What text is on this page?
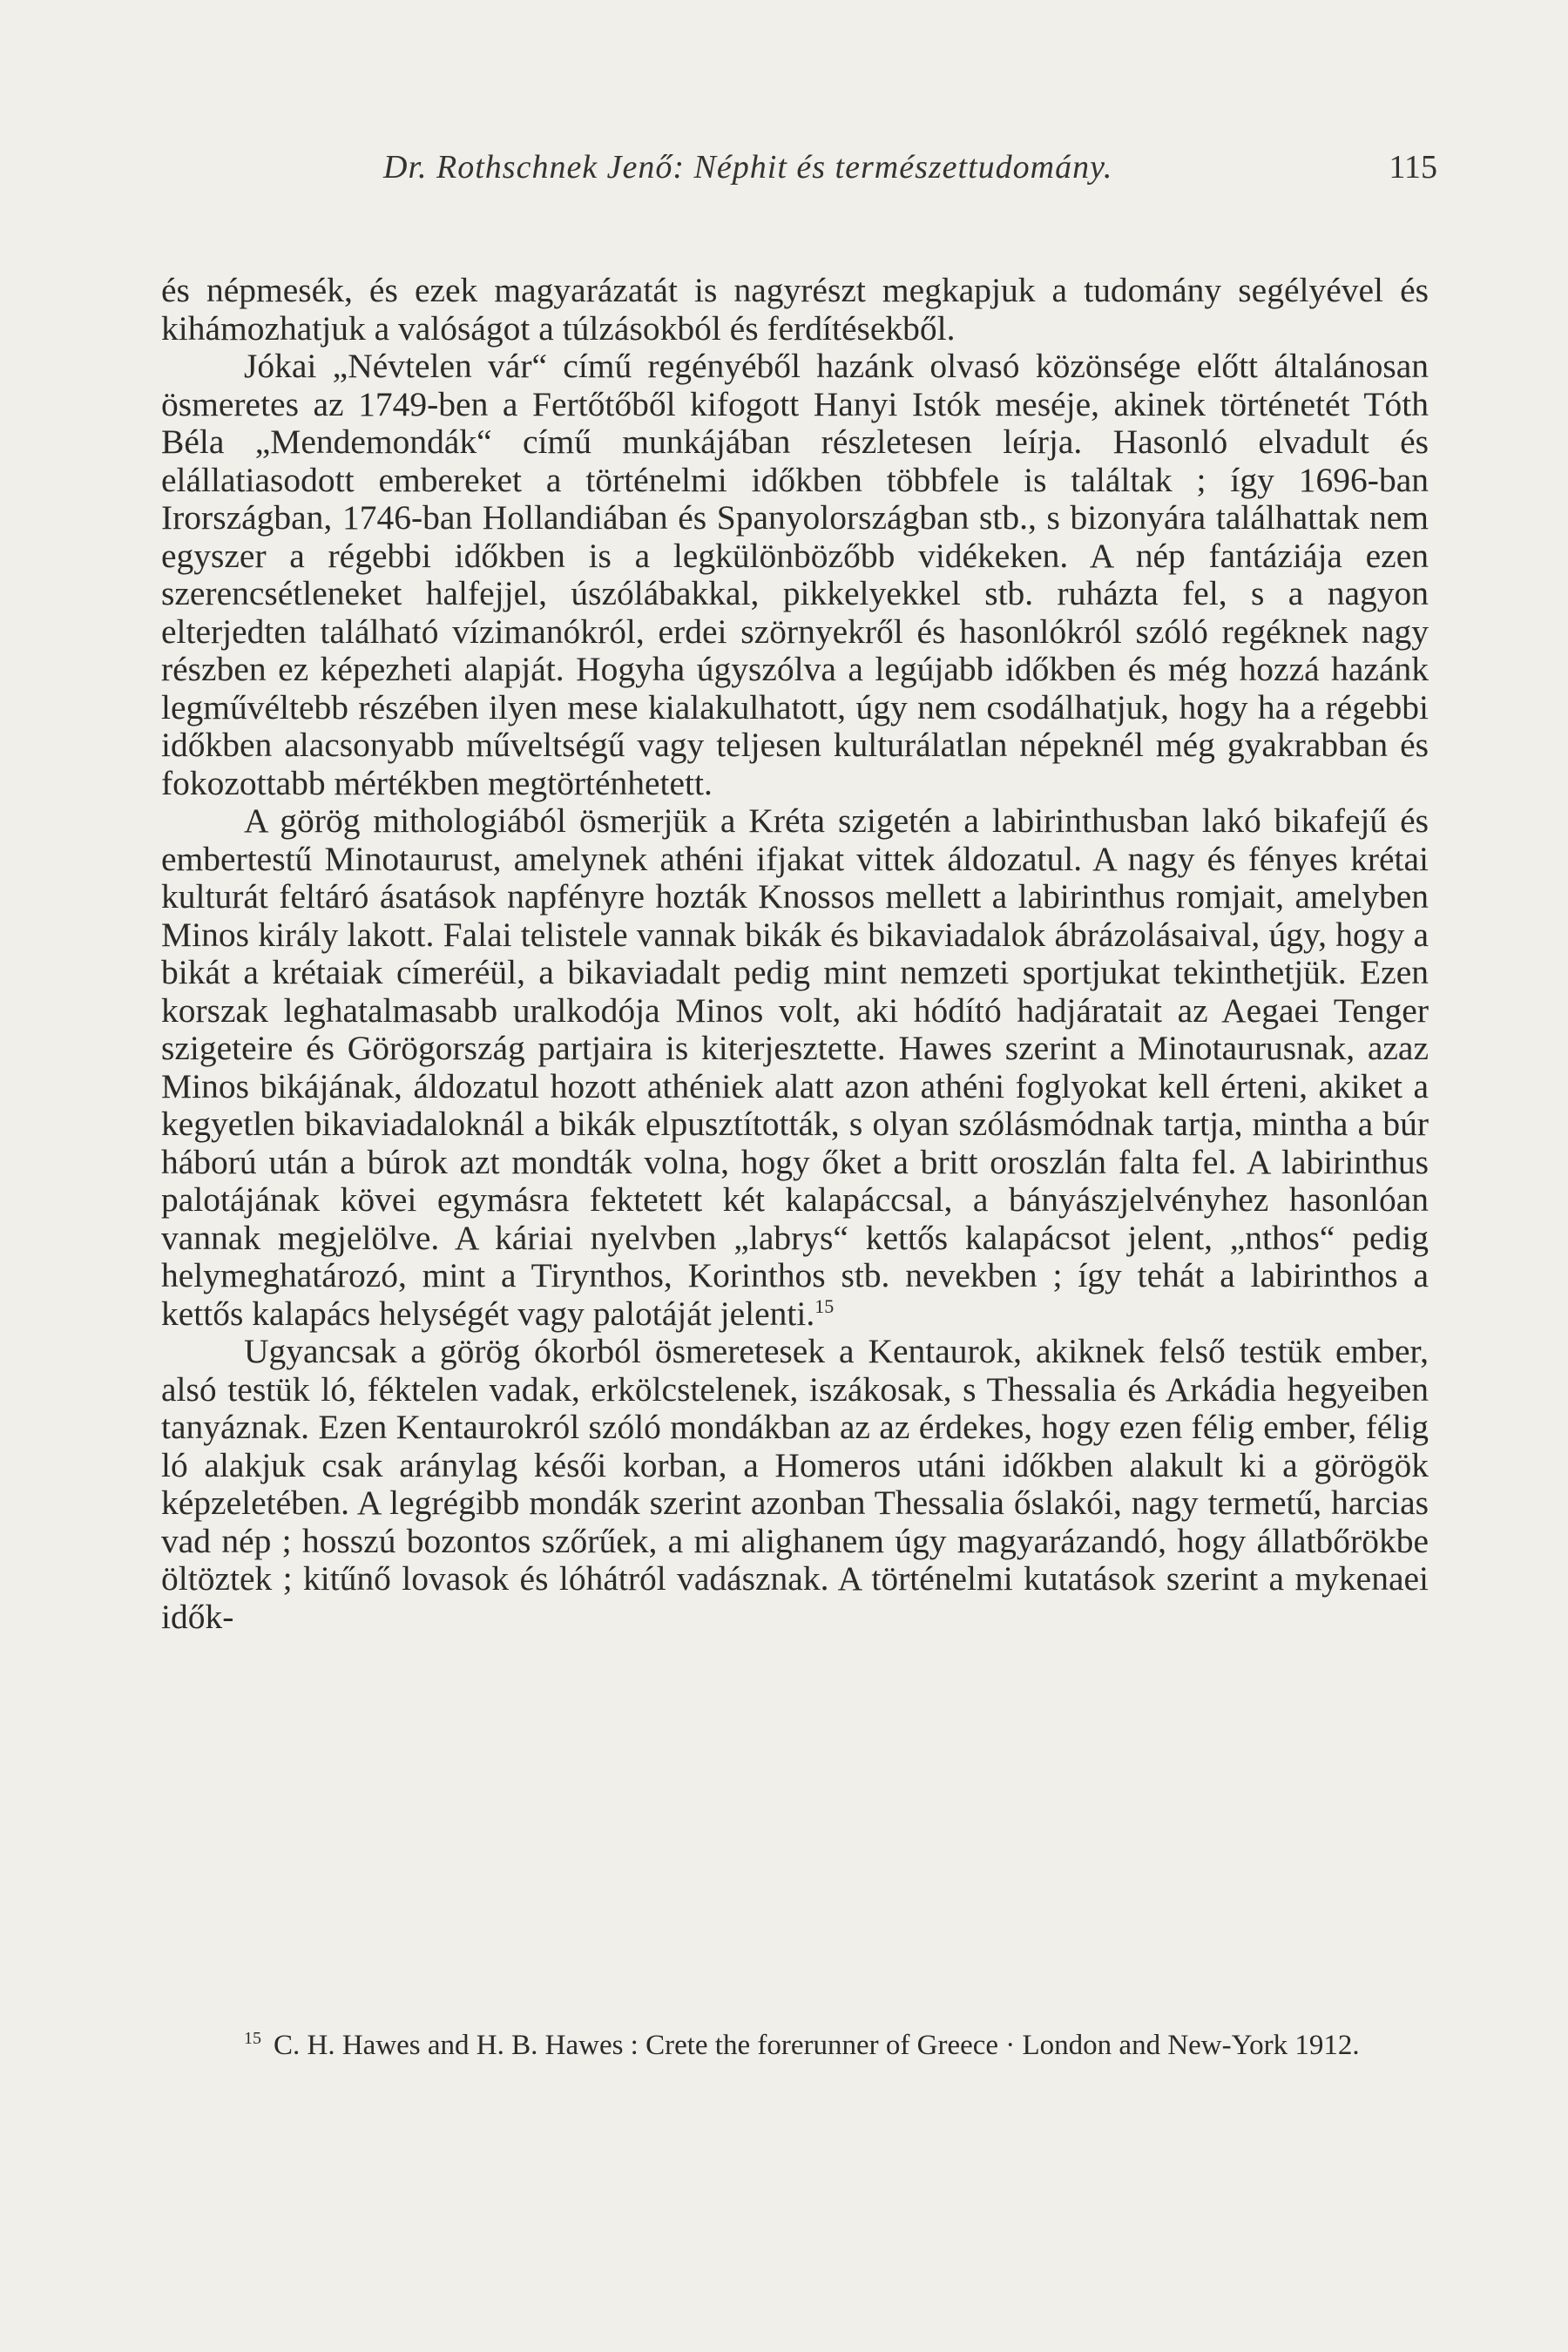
Dr. Rothschnek Jenő: Néphit és természettudomány.	115

és népmesék, és ezek magyarázatát is nagyrészt megkapjuk a tudomány segélyével és kihámozhatjuk a valóságot a túlzásokból és ferdítésekből.

Jókai „Névtelen vár“ című regényéből hazánk olvasó közönsége előtt általánosan ösmeretes az 1749-ben a Fertőtőből kifogott Hanyi Istók meséje, akinek történetét Tóth Béla „Mendemondák“ című munkájában részletesen leírja. Hasonló elvadult és elállatiasodott embereket a történelmi időkben többfele is találtak ; így 1696-ban Irországban, 1746-ban Hollandiában és Spanyolországban stb., s bizonyára találhattak nem egyszer a régebbi időkben is a legkülönbözőbb vidékeken. A nép fantáziája ezen szerencsétleneket halfejjel, úszólábakkal, pikkelyekkel stb. ruházta fel, s a nagyon elterjedten található vízimanókról, erdei szörnyekről és hasonlókról szóló regéknek nagy részben ez képezheti alapját. Hogyha úgyszólva a legújabb időkben és még hozzá hazánk legművéltebb részében ilyen mese kialakulhatott, úgy nem csodálhatjuk, hogy ha a régebbi időkben alacsonyabb műveltségű vagy teljesen kulturálatlan népeknél még gyakrabban és fokozottabb mértékben megtörténhetett.

A görög mithologiából ösmerjük a Kréta szigetén a labirinthusban lakó bikafejű és embertestű Minotaurust, amelynek athéni ifjakat vittek áldozatul. A nagy és fényes krétai kulturát feltáró ásatások napfényre hozták Knossos mellett a labirinthus romjait, amelyben Minos király lakott. Falai telistele vannak bikák és bikaviadalok ábrázolásaival, úgy, hogy a bikát a krétaiak címeréül, a bikaviadalt pedig mint nemzeti sportjukat tekinthetjük. Ezen korszak leghatalmasabb uralkodója Minos volt, aki hódító hadjáratait az Aegaei Tenger szigeteire és Görögország partjaira is kiterjesztette. Hawes szerint a Minotaurusnak, azaz Minos bikájának, áldozatul hozott athéniek alatt azon athéni foglyokat kell érteni, akiket a kegyetlen bikaviadaloknál a bikák elpusztították, s olyan szólásmódnak tartja, mintha a búr háború után a búrok azt mondták volna, hogy őket a britt oroszlán falta fel. A labirinthus palotájának kövei egymásra fektetett két kalapáccsal, a bányászjelvényhez hasonlóan vannak megjelölve. A káriai nyelvben „labrys“ kettős kalapácsot jelent, „nthos“ pedig helymeghatározó, mint a Tirynthos, Korinthos stb. nevekben ; így tehát a labirinthos a kettős kalapács helységét vagy palotáját jelenti.$^{15}$

Ugyancsak a görög ókorból ösmeretesek a Kentaurok, akiknek felső testük ember, alsó testük ló, féktelen vadak, erkölcstelenek, iszákosak, s Thessalia és Arkádia hegyeiben tanyáznak. Ezen Kentaurokról szóló mondákban az az érdekes, hogy ezen félig ember, félig ló alakjuk csak aránylag késői korban, a Homeros utáni időkben alakult ki a görögök képzeletében. A legrégibb mondák szerint azonban Thessalia őslakói, nagy termetű, harcias vad nép ; hosszú bozontos szőrűek, a mi alighanem úgy magyarázandó, hogy állatbőrökbe öltöztek ; kitűnő lovasok és lóhátról vadásznak. A történelmi kutatások szerint a mykenaei idők-

$^{15}$ C. H. Hawes and H. B. Hawes : Crete the forerunner of Greece · London and New-York 1912.
